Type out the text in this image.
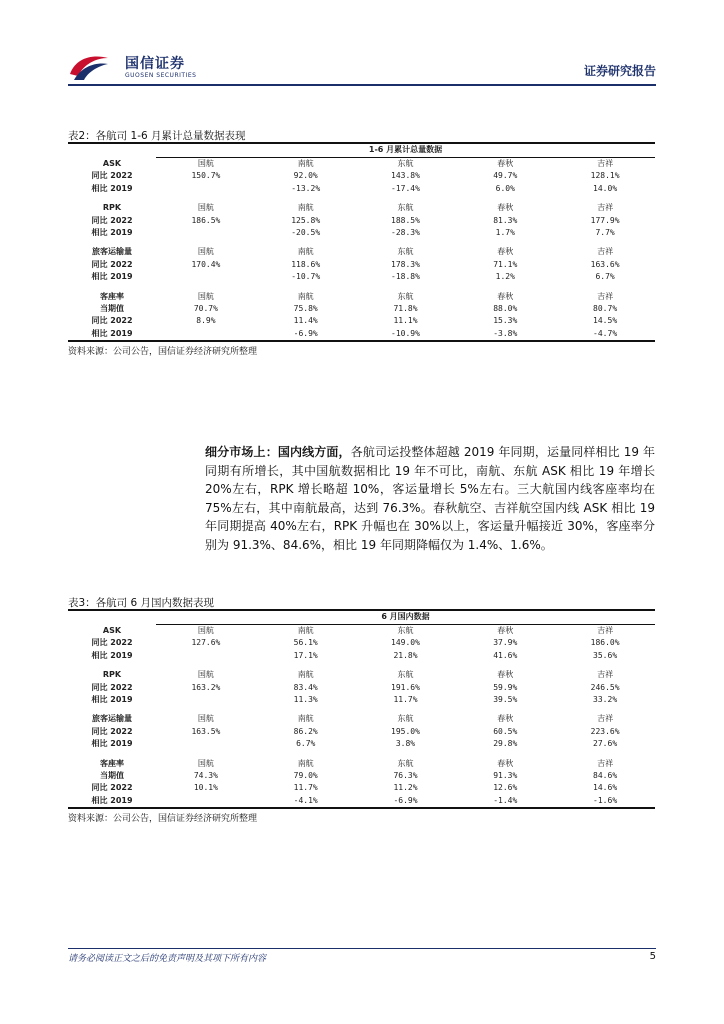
国信证券
GUOSEN SECURITIES	证券研究报告
表2：各航司 1-6 月累计总量数据表现
	1-6 月累计总量数据				
ASK	国航	南航	东航	春秋	吉祥
同比 2022	150.7%	92.0%	143.8%	49.7%	128.1%
相比 2019		-13.2%	-17.4%	6.0%	14.0%

RPK	国航	南航	东航	春秋	吉祥
同比 2022	186.5%	125.8%	188.5%	81.3%	177.9%
相比 2019		-20.5%	-28.3%	1.7%	7.7%

旅客运输量	国航	南航	东航	春秋	吉祥
同比 2022	170.4%	118.6%	178.3%	71.1%	163.6%
相比 2019		-10.7%	-18.8%	1.2%	6.7%

客座率	国航	南航	东航	春秋	吉祥
当期值	70.7%	75.8%	71.8%	88.0%	80.7%
同比 2022	8.9%	11.4%	11.1%	15.3%	14.5%
相比 2019		-6.9%	-10.9%	-3.8%	-4.7%
资料来源：公司公告，国信证券经济研究所整理
细分市场上：国内线方面，各航司运投整体超越 2019 年同期，运量同样相比 19 年同期有所增长，其中国航数据相比 19 年不可比，南航、东航 ASK 相比 19 年增长 20%左右，RPK 增长略超 10%，客运量增长 5%左右。三大航国内线客座率均在 75%左右，其中南航最高，达到 76.3%。春秋航空、吉祥航空国内线 ASK 相比 19 年同期提高 40%左右，RPK 升幅也在 30%以上，客运量升幅接近 30%，客座率分别为 91.3%、84.6%，相比 19 年同期降幅仅为 1.4%、1.6%。
表3：各航司 6 月国内数据表现
	6 月国内数据				
ASK	国航	南航	东航	春秋	吉祥
同比 2022	127.6%	56.1%	149.0%	37.9%	186.0%
相比 2019		17.1%	21.8%	41.6%	35.6%

RPK	国航	南航	东航	春秋	吉祥
同比 2022	163.2%	83.4%	191.6%	59.9%	246.5%
相比 2019		11.3%	11.7%	39.5%	33.2%

旅客运输量	国航	南航	东航	春秋	吉祥
同比 2022	163.5%	86.2%	195.0%	60.5%	223.6%
相比 2019		6.7%	3.8%	29.8%	27.6%

客座率	国航	南航	东航	春秋	吉祥
当期值	74.3%	79.0%	76.3%	91.3%	84.6%
同比 2022	10.1%	11.7%	11.2%	12.6%	14.6%
相比 2019		-4.1%	-6.9%	-1.4%	-1.6%
资料来源：公司公告，国信证券经济研究所整理
请务必阅读正文之后的免责声明及其项下所有内容	5
